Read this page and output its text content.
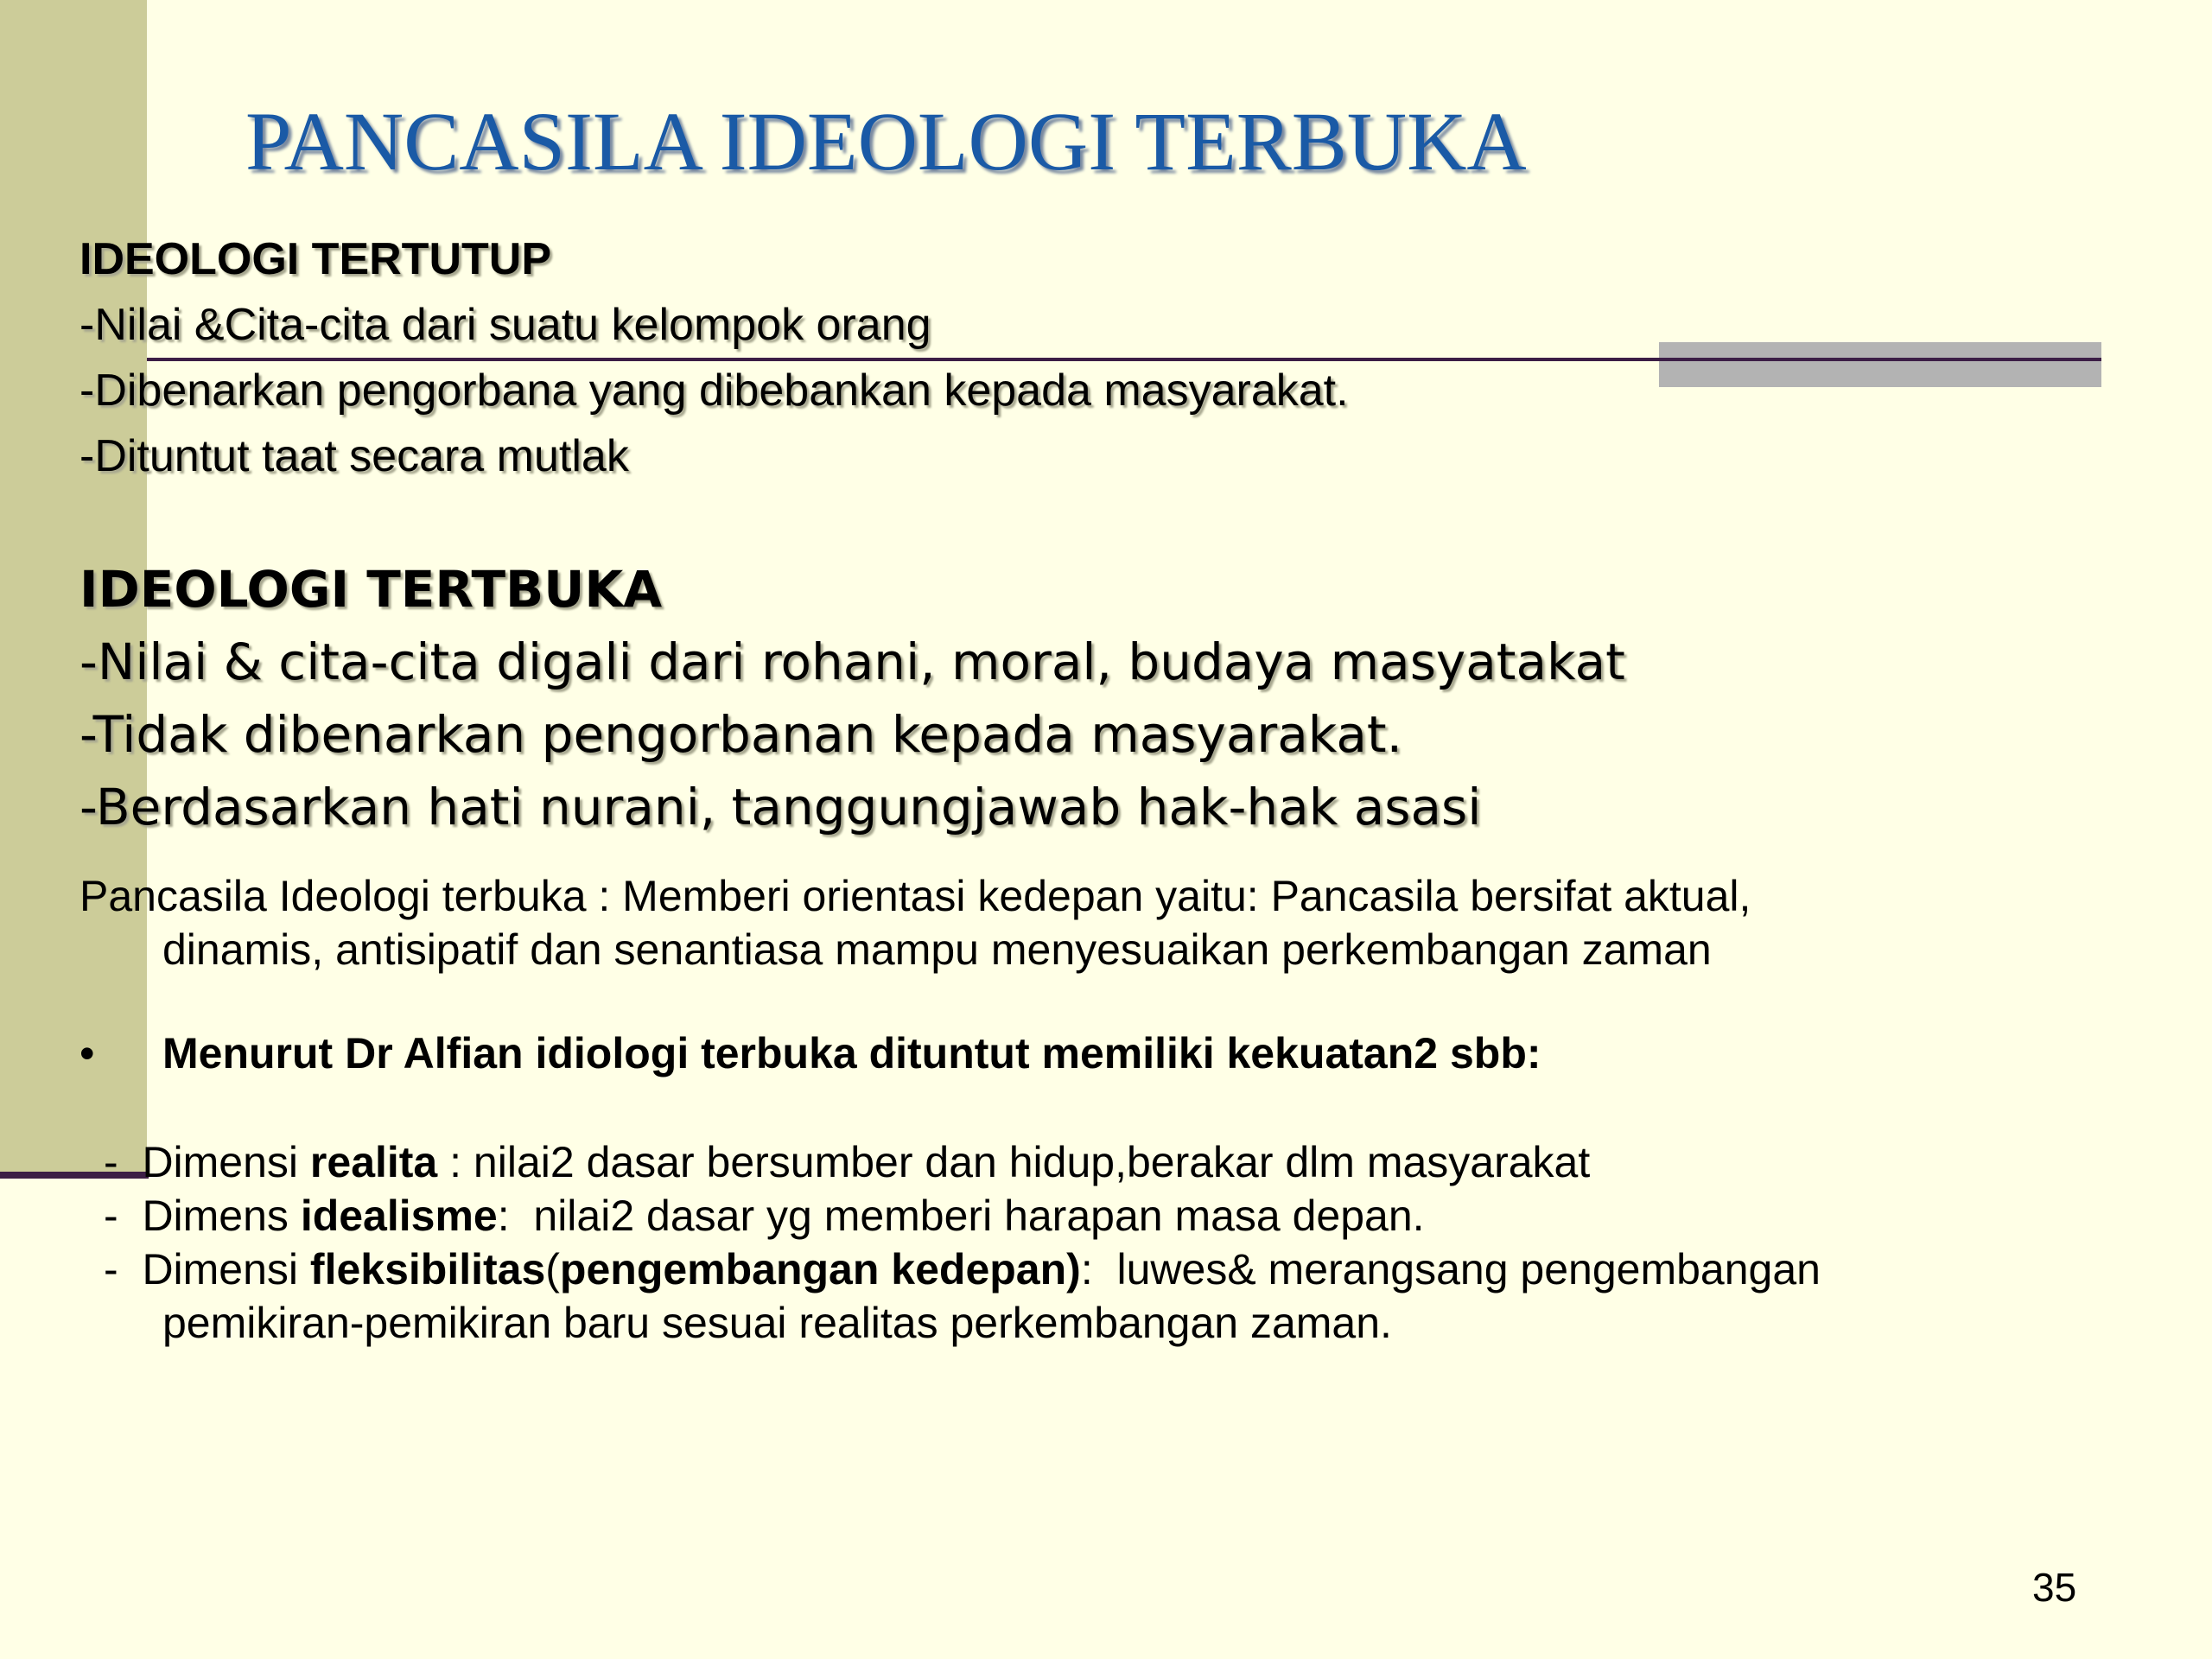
PANCASILA IDEOLOGI TERBUKA
IDEOLOGI TERTUTUP
-Nilai &Cita-cita dari suatu kelompok orang
-Dibenarkan pengorbana yang dibebankan kepada masyarakat.
-Dituntut taat secara mutlak
IDEOLOGI TERTBUKA
-Nilai & cita-cita digali dari rohani, moral, budaya masyatakat
-Tidak dibenarkan pengorbanan kepada masyarakat.
-Berdasarkan hati nurani, tanggungjawab hak-hak asasi
Pancasila Ideologi terbuka : Memberi orientasi kedepan yaitu: Pancasila bersifat aktual,
dinamis, antisipatif dan senantiasa mampu menyesuaikan perkembangan zaman
• Menurut Dr Alfian idiologi terbuka dituntut memiliki kekuatan2 sbb:
-  Dimensi realita : nilai2 dasar bersumber dan hidup,berakar dlm masyarakat
-  Dimens idealisme:  nilai2 dasar yg memberi harapan masa depan.
-  Dimensi fleksibilitas(pengembangan kedepan):  luwes& merangsang pengembangan
pemikiran-pemikiran baru sesuai realitas perkembangan zaman.
35
